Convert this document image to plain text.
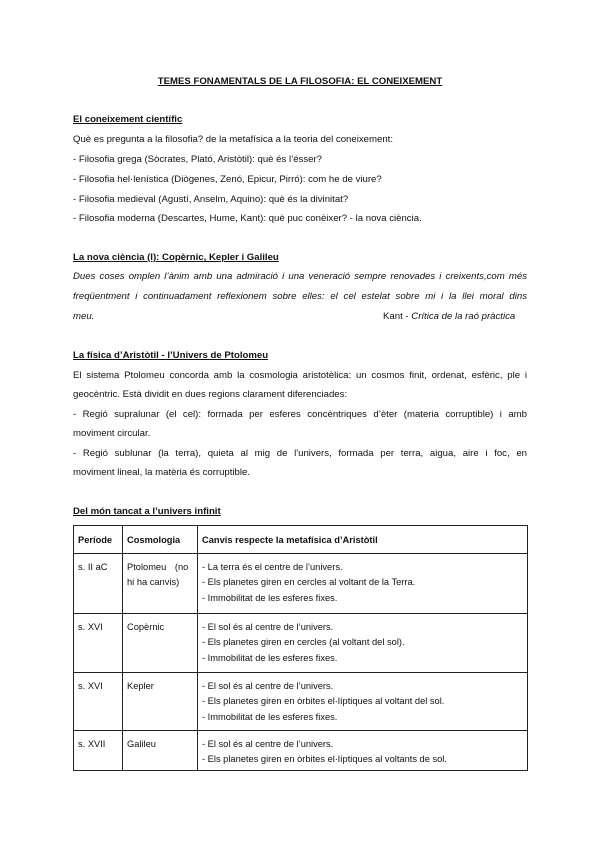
TEMES FONAMENTALS DE LA FILOSOFIA: EL CONEIXEMENT
El coneixement científic
Què es pregunta a la filosofia? de la metafísica a la teoria del coneixement:
- Filosofia grega (Sòcrates, Plató, Aristòtil): què és l’ésser?
- Filosofia hel·lenística (Diògenes, Zenó, Epicur, Pirró): com he de viure?
- Filosofia medieval (Agustí, Anselm, Aquino): què és la divinitat?
- Filosofia moderna (Descartes, Hume, Kant): què puc conèixer? - la nova ciència.
La nova ciència (I): Copèrnic, Kepler i Galileu
Dues coses omplen l’ànim amb una admiració i una veneració sempre renovades i creixents,com més
freqüentment i continuadament reflexionem sobre elles: el cel estelat sobre mi i la llei moral dins
meu.	Kant - Crítica de la raó pràctica
La física d’Aristòtil - l’Univers de Ptolomeu
El sistema Ptolomeu concorda amb la cosmologia aristotèlica: un cosmos finit, ordenat, esfèric, ple i
geocèntric. Està dividit en dues regions clarament diferenciades:
- Regió supralunar (el cel): formada per esferes concèntriques d’èter (materia corruptible) i amb
moviment circular.
- Regió sublunar (la terra), quieta al mig de l'univers, formada per terra, aigua, aire i foc, en
moviment lineal, la matèria és corruptible.
Del món tancat a l’univers infinit
Període	Cosmologia	Canvis respecte la metafísica d’Aristòtil

s. II aC	Ptolomeu (no
hi ha canvis)	- La terra és el centre de l’univers.
- Els planetes giren en cercles al voltant de la Terra.
- Immobilitat de les esferes fixes.

s. XVI	Copèrnic	- El sol és al centre de l’univers.
- Els planetes giren en cercles (al voltant del sol).
- Immobilitat de les esferes fixes.

s. XVI	Kepler	- El sol és al centre de l’univers.
- Els planetes giren en òrbites el·líptiques al voltant del sol.
- Immobilitat de les esferes fixes.

s. XVII	Galileu	- El sol és al centre de l’univers.
- Els planetes giren en òrbites el·líptiques al voltants de sol.
